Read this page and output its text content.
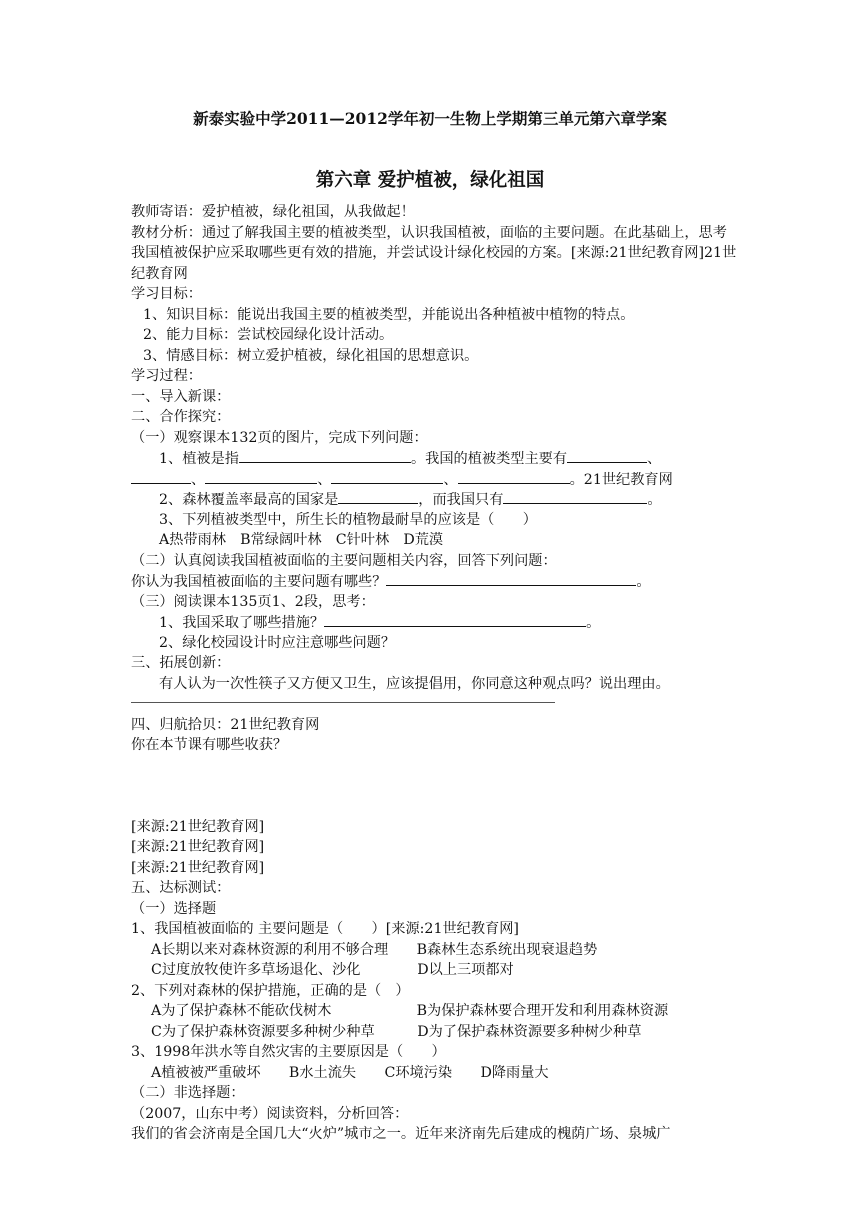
新泰实验中学2011—2012学年初一生物上学期第三单元第六章学案
第六章 爱护植被，绿化祖国
教师寄语：爱护植被，绿化祖国，从我做起！
教材分析：通过了解我国主要的植被类型，认识我国植被，面临的主要问题。在此基础上，思考我国植被保护应采取哪些更有效的措施，并尝试设计绿化校园的方案。[来源:21世纪教育网]21世纪教育网
学习目标：
1、知识目标：能说出我国主要的植被类型，并能说出各种植被中植物的特点。
2、能力目标：尝试校园绿化设计活动。
3、情感目标：树立爱护植被，绿化祖国的思想意识。
学习过程：
一、导入新课：
二、合作探究：
（一）观察课本132页的图片，完成下列问题：
1、植被是指	。我国的植被类型主要有	、
、	、	、	。21世纪教育网
2、森林覆盖率最高的国家是	，而我国只有	。
3、下列植被类型中，所生长的植物最耐旱的应该是（　　）
A热带雨林　B常绿阔叶林　C针叶林　D荒漠
（二）认真阅读我国植被面临的主要问题相关内容，回答下列问题：
你认为我国植被面临的主要问题有哪些？	。
（三）阅读课本135页1、2段，思考：
1、我国采取了哪些措施？	。
2、绿化校园设计时应注意哪些问题？
三、拓展创新：
有人认为一次性筷子又方便又卫生，应该提倡用，你同意这种观点吗？说出理由。
四、归航拾贝：21世纪教育网
你在本节课有哪些收获？
[来源:21世纪教育网]
[来源:21世纪教育网]
[来源:21世纪教育网]
五、达标测试：
（一）选择题
1、我国植被面临的 主要问题是（　　）[来源:21世纪教育网]
A长期以来对森林资源的利用不够合理　　B森林生态系统出现衰退趋势
C过度放牧使许多草场退化、沙化　　　　D以上三项都对
2、下列对森林的保护措施，正确的是（　）
A为了保护森林不能砍伐树木　　　　　　B为保护森林要合理开发和利用森林资源
C为了保护森林资源要多种树少种草　　　D为了保护森林资源要多种树少种草
3、1998年洪水等自然灾害的主要原因是（　　）
A植被被严重破坏　　B水土流失　　C环境污染　　D降雨量大
（二）非选择题：
（2007，山东中考）阅读资料，分析回答：
我们的省会济南是全国几大“火炉”城市之一。近年来济南先后建成的槐荫广场、泉城广
